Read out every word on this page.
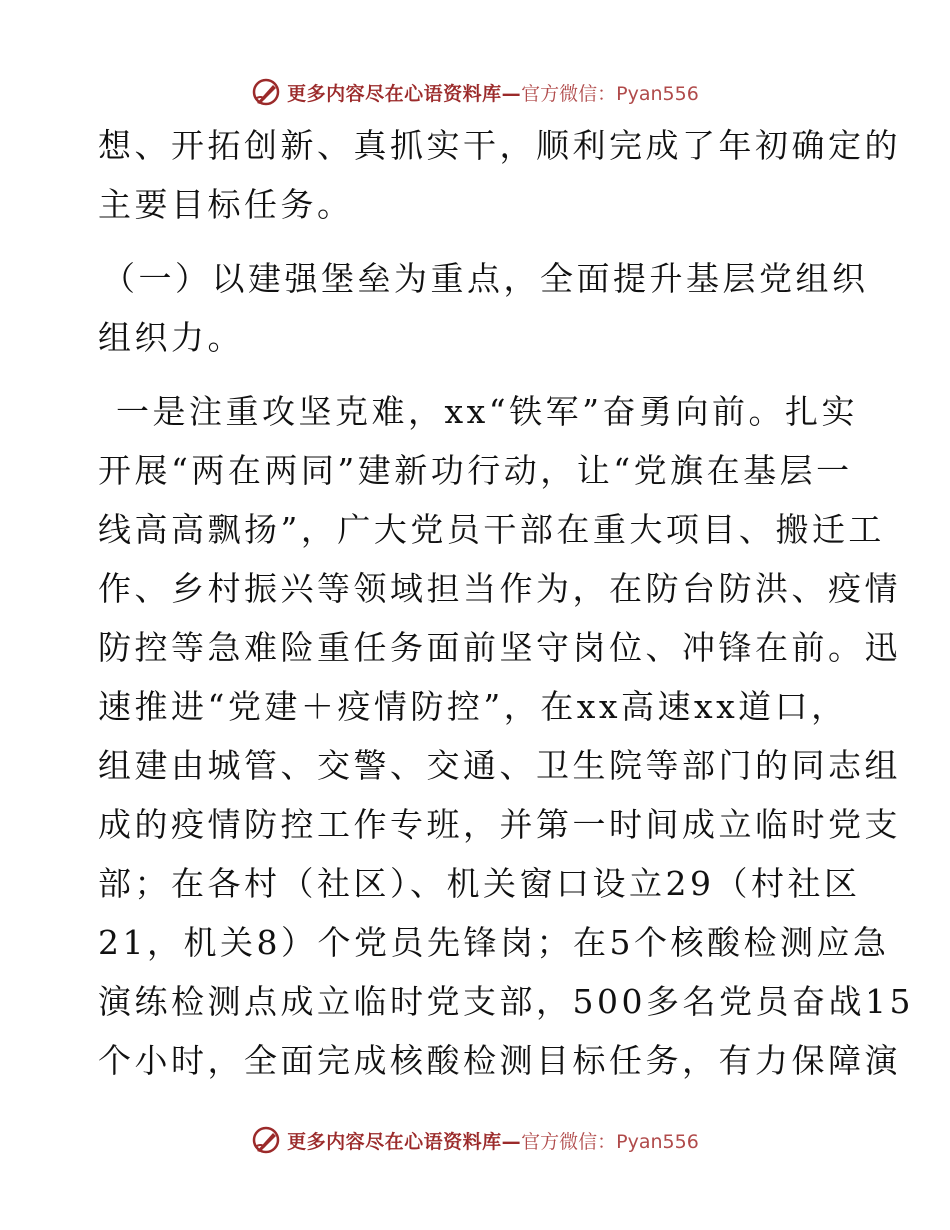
更多内容尽在心语资料库— 官方微信：Pyan556
想、开拓创新、真抓实干，顺利完成了年初确定的
主要目标任务。
（一）以建强堡垒为重点，全面提升基层党组织
组织力。
一是注重攻坚克难，xx“铁军”奋勇向前。扎实
开展“两在两同”建新功行动，让“党旗在基层一
线高高飘扬”，广大党员干部在重大项目、搬迁工
作、乡村振兴等领域担当作为，在防台防洪、疫情
防控等急难险重任务面前坚守岗位、冲锋在前。迅
速推进“党建＋疫情防控”，在xx高速xx道口，
组建由城管、交警、交通、卫生院等部门的同志组
成的疫情防控工作专班，并第一时间成立临时党支
部；在各村（社区）、机关窗口设立29（村社区
21，机关8）个党员先锋岗；在5个核酸检测应急
演练检测点成立临时党支部，500多名党员奋战15
个小时，全面完成核酸检测目标任务，有力保障演
更多内容尽在心语资料库— 官方微信：Pyan556
